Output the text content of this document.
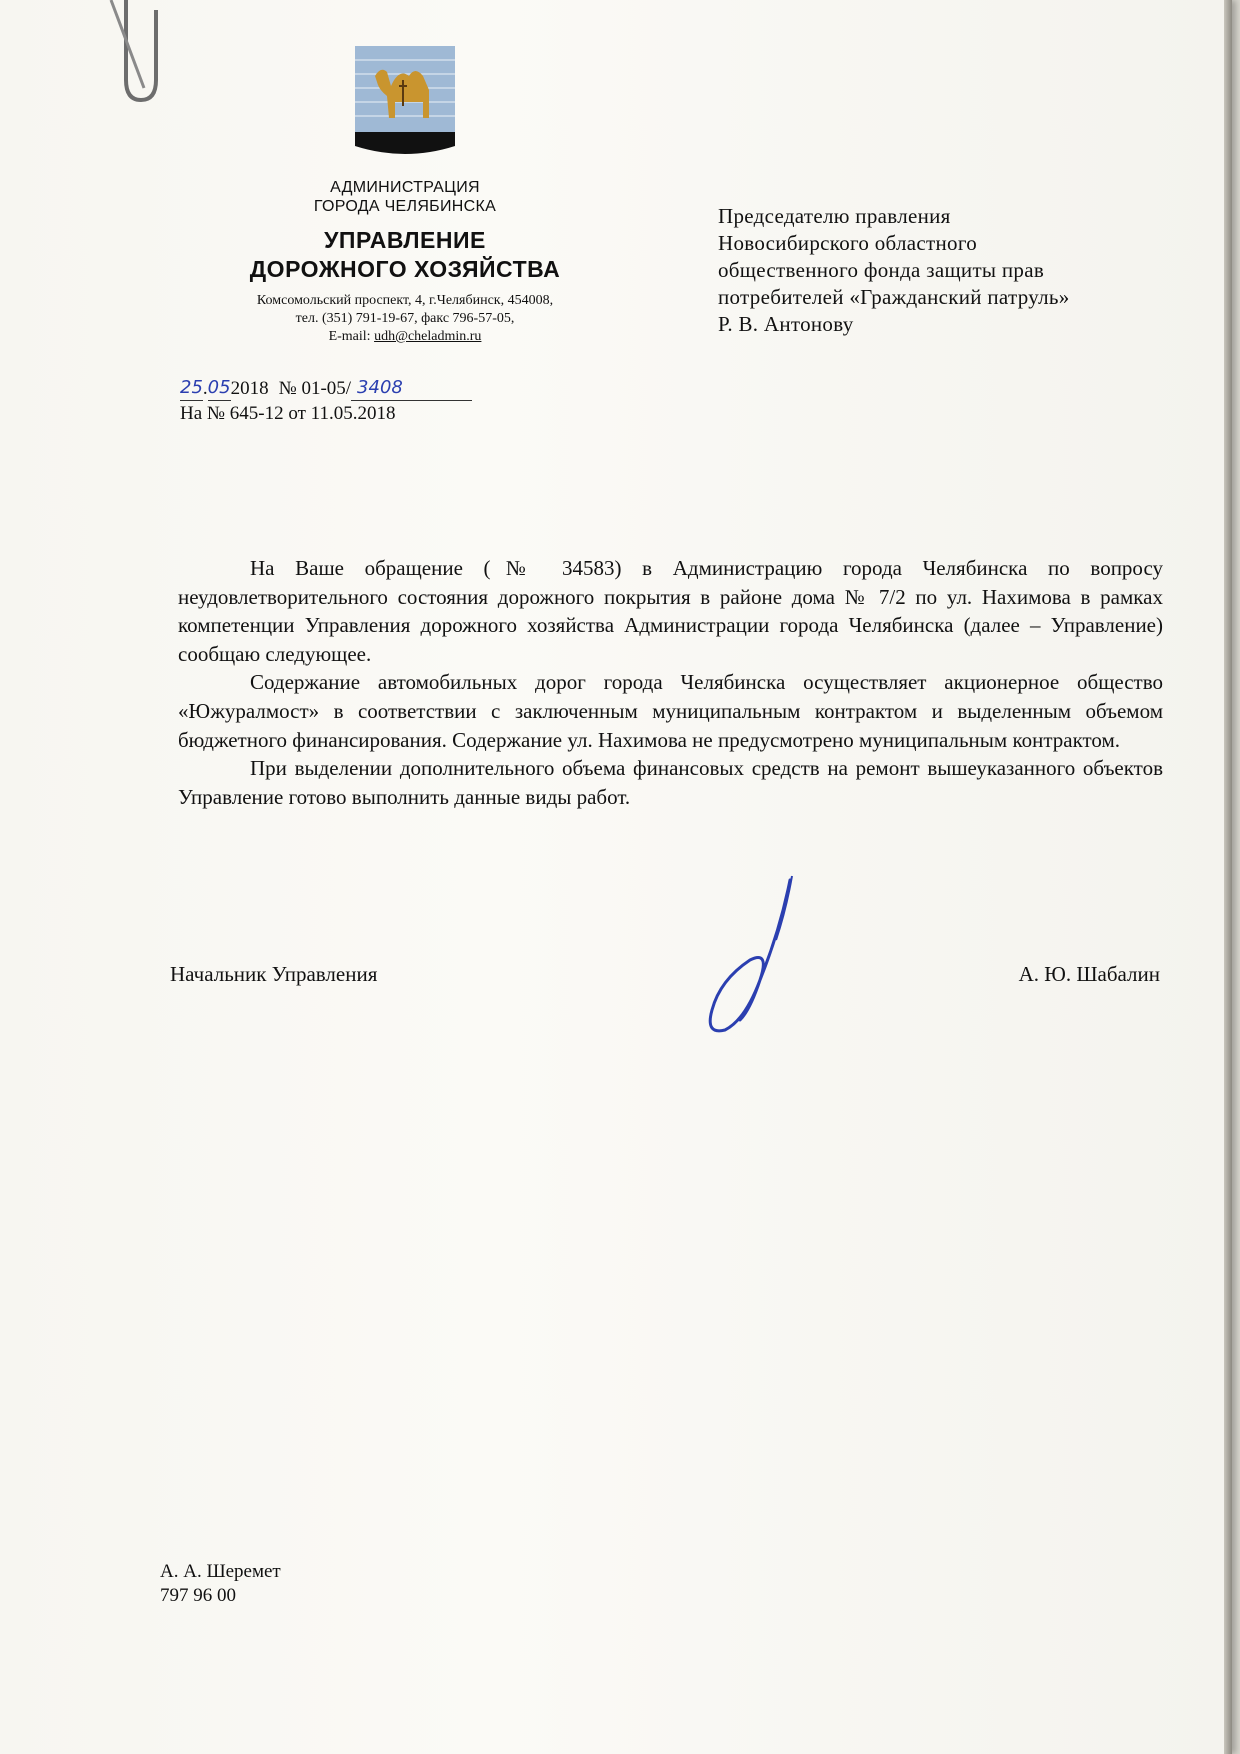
АДМИНИСТРАЦИЯ
ГОРОДА ЧЕЛЯБИНСКА
УПРАВЛЕНИЕ
ДОРОЖНОГО ХОЗЯЙСТВА
Комсомольский проспект, 4, г.Челябинск, 454008,
тел. (351) 791-19-67, факс 796-57-05,
E-mail: udh@cheladmin.ru
25 . 05 2018 № 01-05/ 3408
На № 645-12 от 11.05.2018
Председателю правления
Новосибирского областного
общественного фонда защиты прав
потребителей «Гражданский патруль»
Р. В. Антонову

На Ваше обращение (№ 34583) в Администрацию города Челябинска по вопросу неудовлетворительного состояния дорожного покрытия в районе дома № 7/2 по ул. Нахимова в рамках компетенции Управления дорожного хозяйства Администрации города Челябинска (далее – Управление) сообщаю следующее.

Содержание автомобильных дорог города Челябинска осуществляет акционерное общество «Южуралмост» в соответствии с заключенным муниципальным контрактом и выделенным объемом бюджетного финансирования. Содержание ул. Нахимова не предусмотрено муниципальным контрактом.

При выделении дополнительного объема финансовых средств на ремонт вышеуказанного объектов Управление готово выполнить данные виды работ.

Начальник Управления	А. Ю. Шабалин
А. А. Шеремет
797 96 00
